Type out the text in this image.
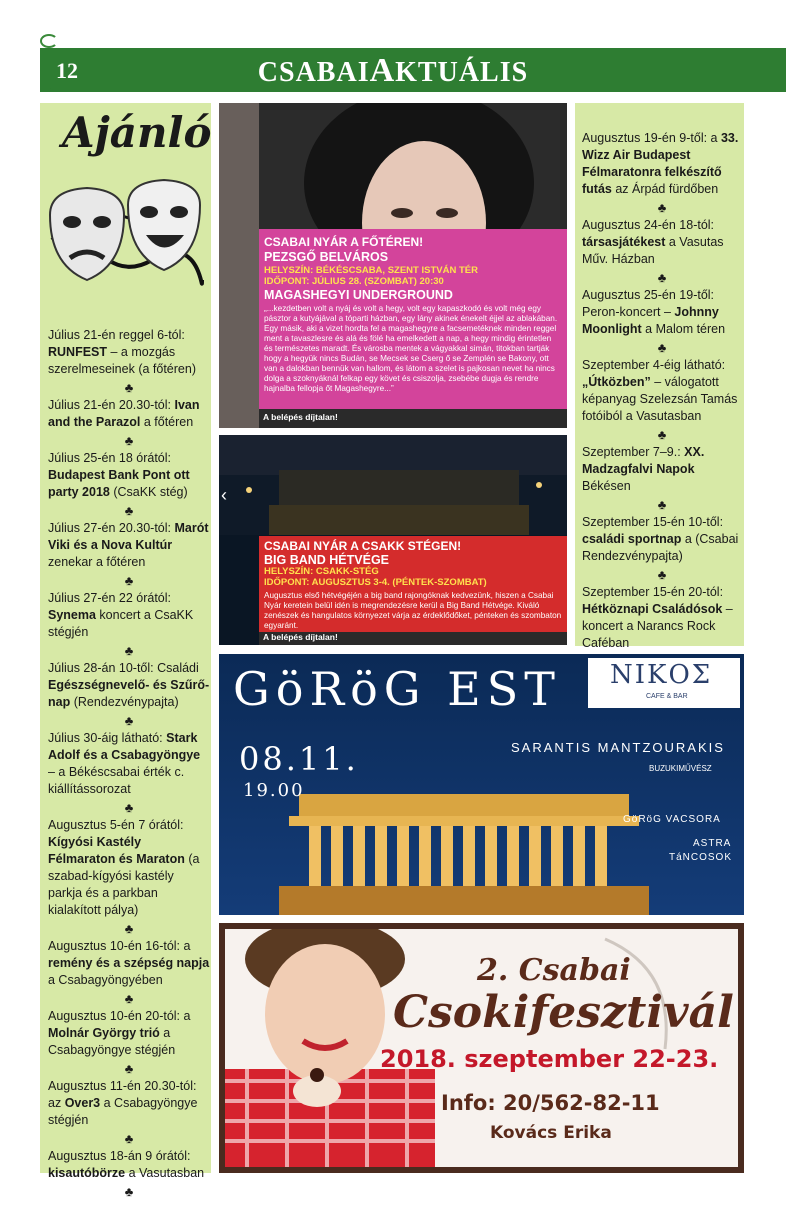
12	CSABAIAKTUÁLIS
Ajánló
Július 21-én reggel 6-tól: RUNFEST – a mozgás szerelmeseinek (a főtéren)
♣
Július 21-én 20.30-tól: Ivan and the Parazol a főtéren
♣
Július 25-én 18 órától: Budapest Bank Pont ott party 2018 (CsaKK stég)
♣
Július 27-én 20.30-tól: Marót Viki és a Nova Kultúr zenekar a főtéren
♣
Július 27-én 22 órától: Synema koncert a CsaKK stégjén
♣
Július 28-án 10-től: Családi Egészségnevelő- és Szűrő-nap (Rendezvénypajta)
♣
Július 30-áig látható: Stark Adolf és a Csabagyöngye – a Békéscsabai érték c. kiállítássorozat
♣
Augusztus 5-én 7 órától: Kígyósi Kastély Félmaraton és Maraton (a szabad-kígyósi kastély parkja és a parkban kialakított pálya)
♣
Augusztus 10-én 16-tól: a remény és a szépség napja a Csabagyöngyében
♣
Augusztus 10-én 20-tól: a Molnár György trió a Csabagyöngye stégjén
♣
Augusztus 11-én 20.30-tól: az Over3 a Csabagyöngye stégjén
♣
Augusztus 18-án 9 órától: kisautóbörze a Vasutasban
♣
CSABAI NYÁR A FŐTÉREN!
PEZSGŐ BELVÁROS
HELYSZÍN: BÉKÉSCSABA, SZENT ISTVÁN TÉR
IDŐPONT: JÚLIUS 28. (SZOMBAT) 20:30
MAGASHEGYI UNDERGROUND
„...kezdetben volt a nyáj és volt a hegy, volt egy kapaszkodó és volt még egy pásztor a kutyájával a tóparti házban, egy lány akinek énekelt éjjel az ablakában. Egy másik, aki a vizet hordta fel a magashegyre a facsemetéknek minden reggel ment a tavaszlesre és alá és fölé ha emelkedett a nap, a hegy mindig érintetlen és természetes maradt. És városba mentek a vágyakkal simán, titokban tartják hogy a hegyük nincs Budán, se Mecsek se Cserg ő se Zemplén se Bakony, ott van a dalokban bennük van hallom, és látom a szelet is pajkosan nevet ha nincs dolga a szoknyáknál felkap egy követ és csiszolja, zsebébe dugja és rendre hajnalba fellopja őt Magashegyre...”
A belépés díjtalan!
‹
CSABAI NYÁR A CSAKK STÉGEN!
BIG BAND HÉTVÉGE
HELYSZÍN: CSAKK-STÉG
IDŐPONT: AUGUSZTUS 3-4. (PÉNTEK-SZOMBAT)
Augusztus első hétvégéjén a big band rajongóknak kedvezünk, hiszen a Csabai Nyár keretein belül idén is megrendezésre kerül a Big Band Hétvége. Kiváló zenészek és hangulatos környezet várja az érdeklődőket, pénteken és szombaton egyaránt.
A belépés díjtalan!
Augusztus 19-én 9-től: a 33. Wizz Air Budapest Félmaratonra felkészítő futás az Árpád fürdőben
♣
Augusztus 24-én 18-tól: társasjátékest a Vasutas Műv. Házban
♣
Augusztus 25-én 19-től: Peron-koncert – Johnny Moonlight a Malom téren
♣
Szeptember 4-éig látható: „Útközben” – válogatott képanyag Szelezsán Tamás fotóiból a Vasutasban
♣
Szeptember 7–9.: XX. Madzagfalvi Napok Békésen
♣
Szeptember 15-én 10-től: családi sportnap a (Csabai Rendezvénypajta)
♣
Szeptember 15-én 20-tól: Hétköznapi Családósok – koncert a Narancs Rock Caféban
GöRöG EST ΝΙΚΟΣ
CAFE & BAR
08.11.
19.00
SARANTIS MANTZOURAKIS
BUZUKIMŰVÉSZ
GöRöG VACSORA
ASTRA
TáNCOSOK
2. Csabai
Csokifesztivál
2018. szeptember 22-23.
Info: 20/562-82-11
Kovács Erika
